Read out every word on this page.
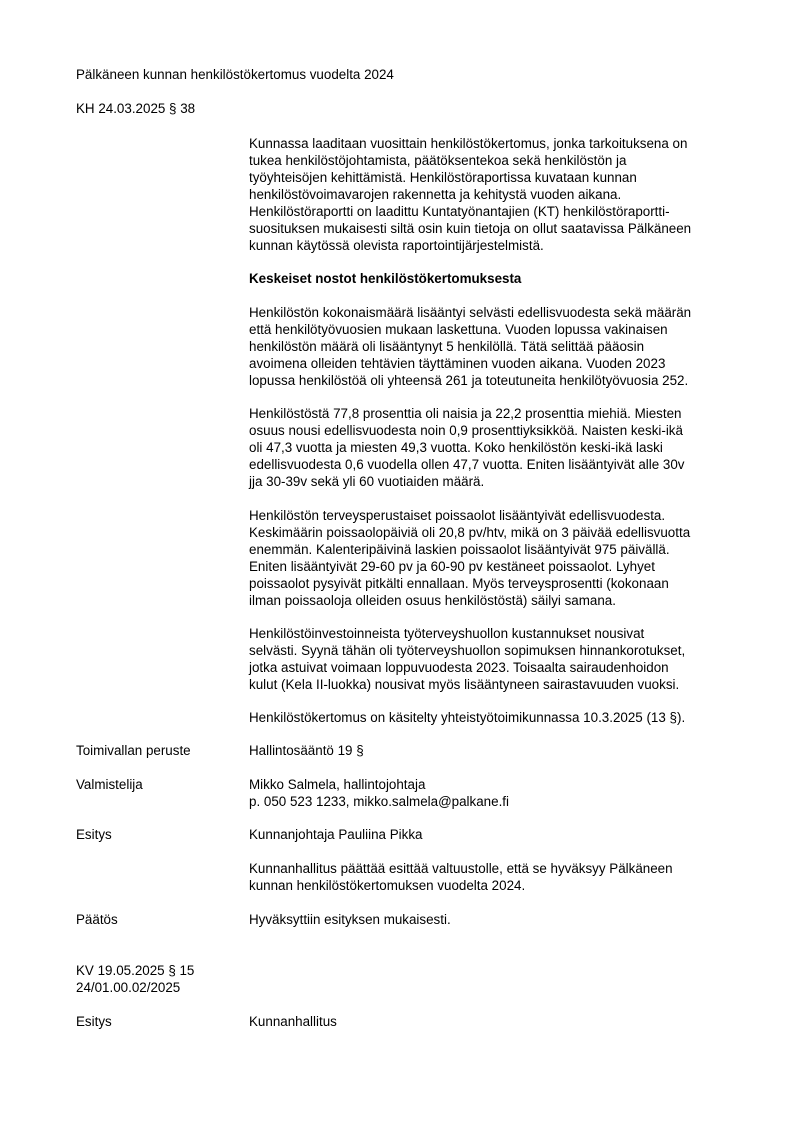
Pälkäneen kunnan henkilöstökertomus vuodelta 2024
KH 24.03.2025 § 38

Kunnassa laaditaan vuosittain henkilöstökertomus, jonka tarkoituksena on

tukea henkilöstöjohtamista, päätöksentekoa sekä henkilöstön ja

työyhteisöjen kehittämistä. Henkilöstöraportissa kuvataan kunnan

henkilöstövoimavarojen rakennetta ja kehitystä vuoden aikana.

Henkilöstöraportti on laadittu Kuntatyönantajien (KT) henkilöstöraportti-

suosituksen mukaisesti siltä osin kuin tietoja on ollut saatavissa Pälkäneen

kunnan käytössä olevista raportointijärjestelmistä.

Keskeiset nostot henkilöstökertomuksesta

Henkilöstön kokonaismäärä lisääntyi selvästi edellisvuodesta sekä määrän

että henkilötyövuosien mukaan laskettuna. Vuoden lopussa vakinaisen

henkilöstön määrä oli lisääntynyt 5 henkilöllä. Tätä selittää pääosin

avoimena olleiden tehtävien täyttäminen vuoden aikana. Vuoden 2023

lopussa henkilöstöä oli yhteensä 261 ja toteutuneita henkilötyövuosia 252.

Henkilöstöstä 77,8 prosenttia oli naisia ja 22,2 prosenttia miehiä. Miesten

osuus nousi edellisvuodesta noin 0,9 prosenttiyksikköä. Naisten keski-ikä

oli 47,3 vuotta ja miesten 49,3 vuotta. Koko henkilöstön keski-ikä laski

edellisvuodesta 0,6 vuodella ollen 47,7 vuotta. Eniten lisääntyivät alle 30v

jja 30-39v sekä yli 60 vuotiaiden määrä.

Henkilöstön terveysperustaiset poissaolot lisääntyivät edellisvuodesta.

Keskimäärin poissaolopäiviä oli 20,8 pv/htv, mikä on 3 päivää edellisvuotta

enemmän. Kalenteripäivinä laskien poissaolot lisääntyivät 975 päivällä.

Eniten lisääntyivät 29-60 pv ja 60-90 pv kestäneet poissaolot. Lyhyet

poissaolot pysyivät pitkälti ennallaan. Myös terveysprosentti (kokonaan

ilman poissaoloja olleiden osuus henkilöstöstä) säilyi samana.

Henkilöstöinvestoinneista työterveyshuollon kustannukset nousivat

selvästi. Syynä tähän oli työterveyshuollon sopimuksen hinnankorotukset,

jotka astuivat voimaan loppuvuodesta 2023. Toisaalta sairaudenhoidon

kulut (Kela II-luokka) nousivat myös lisääntyneen sairastavuuden vuoksi.

Henkilöstökertomus on käsitelty yhteistyötoimikunnassa 10.3.2025 (13 §).
Toimivallan peruste	Hallintosääntö 19 §
Valmistelija	Mikko Salmela, hallintojohtaja

p. 050 523 1233, mikko.salmela@palkane.fi

Esitys	Kunnanjohtaja Pauliina Pikka

Kunnanhallitus päättää esittää valtuustolle, että se hyväksyy Pälkäneen

kunnan henkilöstökertomuksen vuodelta 2024.

Päätös	Hyväksyttiin esityksen mukaisesti.
KV 19.05.2025 § 15
24/01.00.02/2025
Esitys	Kunnanhallitus
